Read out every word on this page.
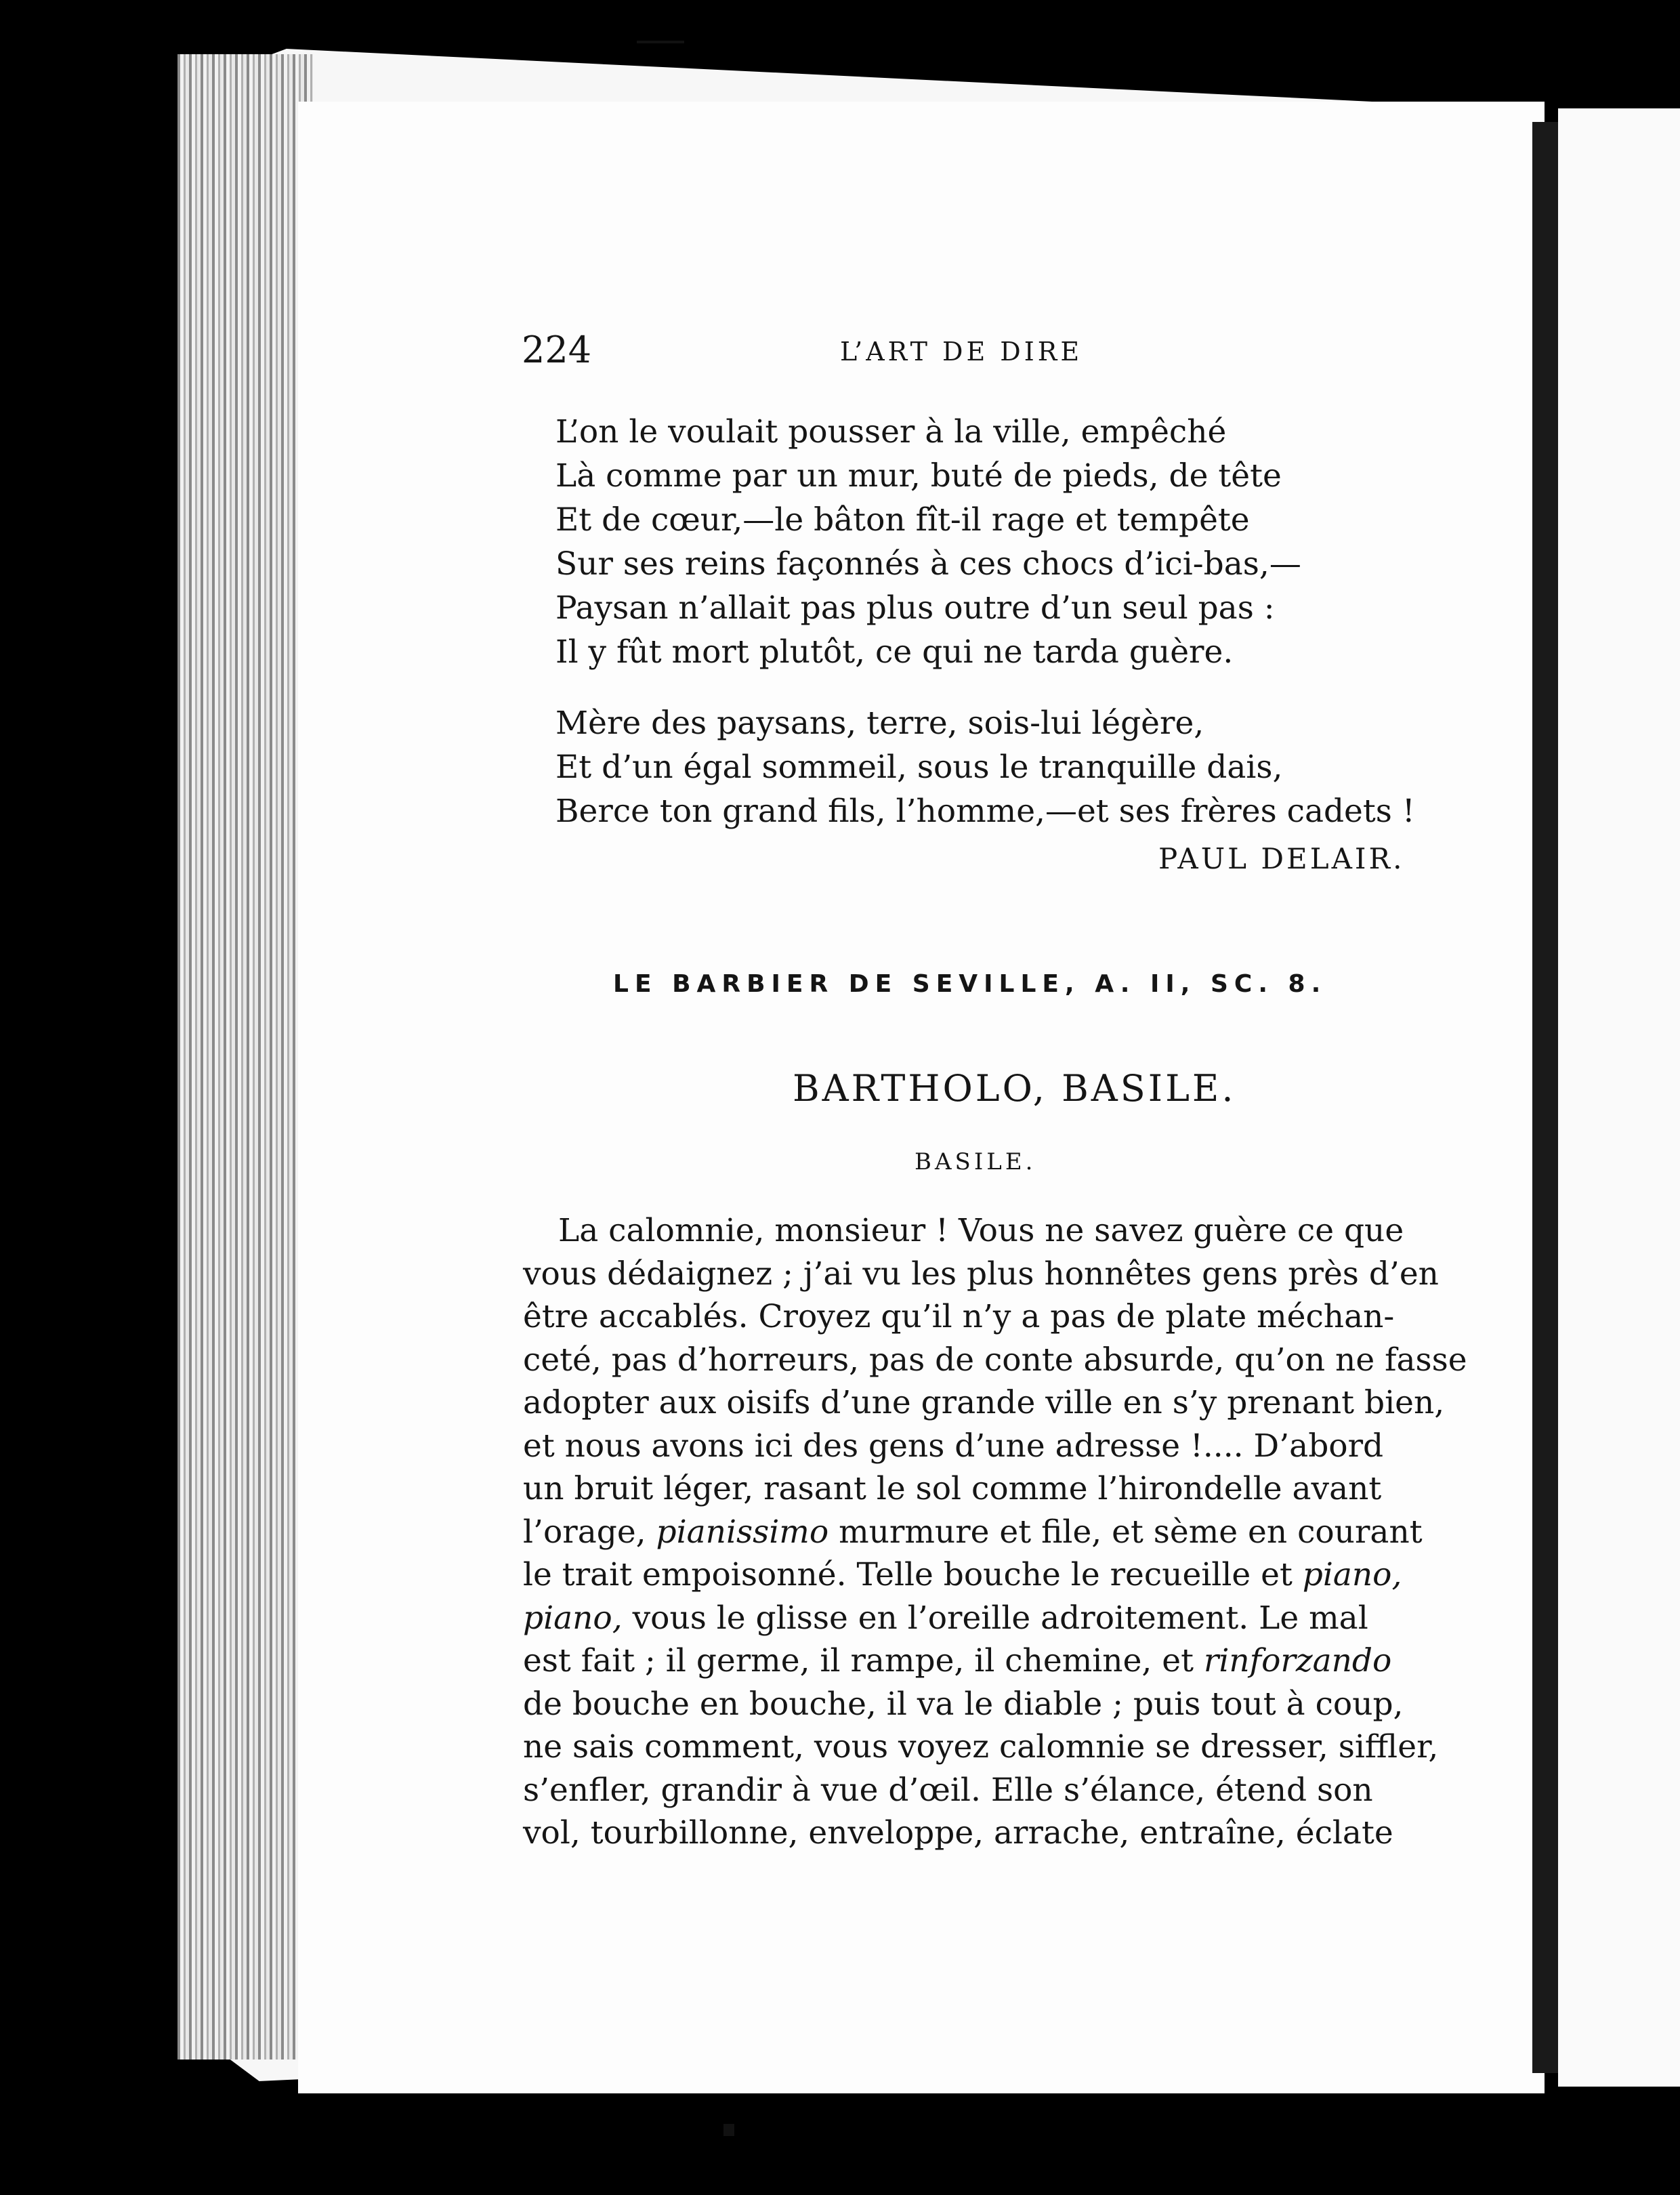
224	L’ART DE DIRE
L’on le voulait pousser à la ville, empêché
Là comme par un mur, buté de pieds, de tête
Et de cœur,—le bâton fît-il rage et tempête
Sur ses reins façonnés à ces chocs d’ici-bas,—
Paysan n’allait pas plus outre d’un seul pas :
Il y fût mort plutôt, ce qui ne tarda guère.
Mère des paysans, terre, sois-lui légère,
Et d’un égal sommeil, sous le tranquille dais,
Berce ton grand fils, l’homme,—et ses frères cadets !
PAUL DELAIR.
LE BARBIER DE SEVILLE, A. II, SC. 8.
BARTHOLO, BASILE.
BASILE.
La calomnie, monsieur ! Vous ne savez guère ce que
vous dédaignez ; j’ai vu les plus honnêtes gens près d’en
être accablés. Croyez qu’il n’y a pas de plate méchan-
ceté, pas d’horreurs, pas de conte absurde, qu’on ne fasse
adopter aux oisifs d’une grande ville en s’y prenant bien,
et nous avons ici des gens d’une adresse !.... D’abord
un bruit léger, rasant le sol comme l’hirondelle avant
l’orage, pianissimo murmure et file, et sème en courant
le trait empoisonné. Telle bouche le recueille et piano,
piano, vous le glisse en l’oreille adroitement. Le mal
est fait ; il germe, il rampe, il chemine, et rinforzando
de bouche en bouche, il va le diable ; puis tout à coup,
ne sais comment, vous voyez calomnie se dresser, siffler,
s’enfler, grandir à vue d’œil. Elle s’élance, étend son
vol, tourbillonne, enveloppe, arrache, entraîne, éclate
